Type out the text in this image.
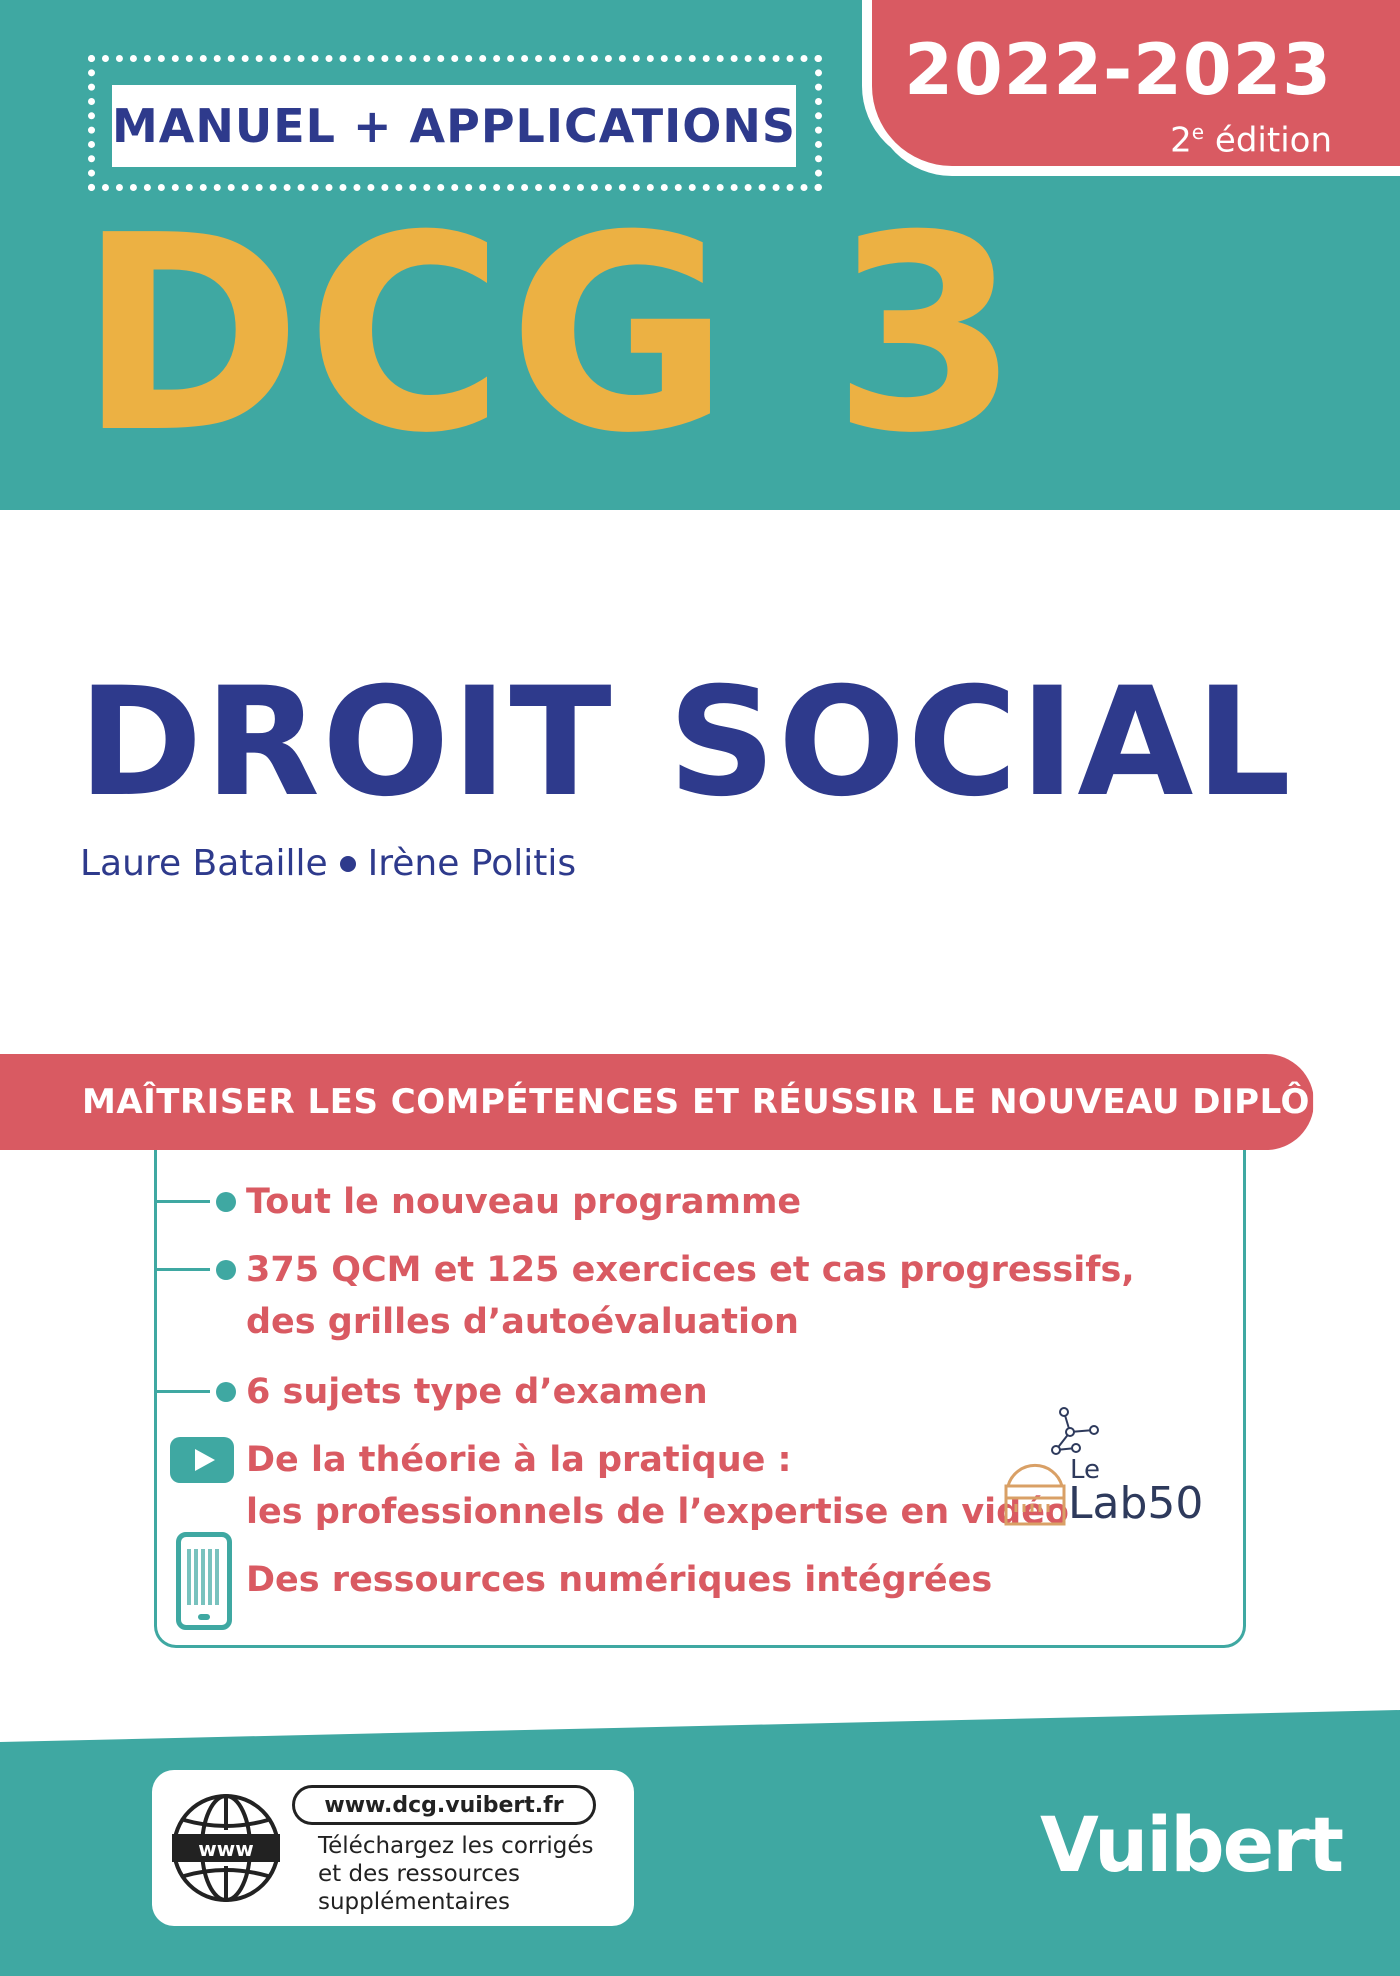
2022-2023
2e édition
MANUEL + APPLICATIONS
DCG 3
DROIT SOCIAL
Laure Bataille Irène Politis
MAÎTRISER LES COMPÉTENCES ET RÉUSSIR LE NOUVEAU DIPLÔME
Tout le nouveau programme
375 QCM et 125 exercices et cas progressifs,
des grilles d’autoévaluation
6 sujets type d’examen
De la théorie à la pratique :
les professionnels de l’expertise en vidéo
Des ressources numériques intégrées
Le
Lab50
www
www.dcg.vuibert.fr
Téléchargez les corrigés
et des ressources
supplémentaires
Vuibert
